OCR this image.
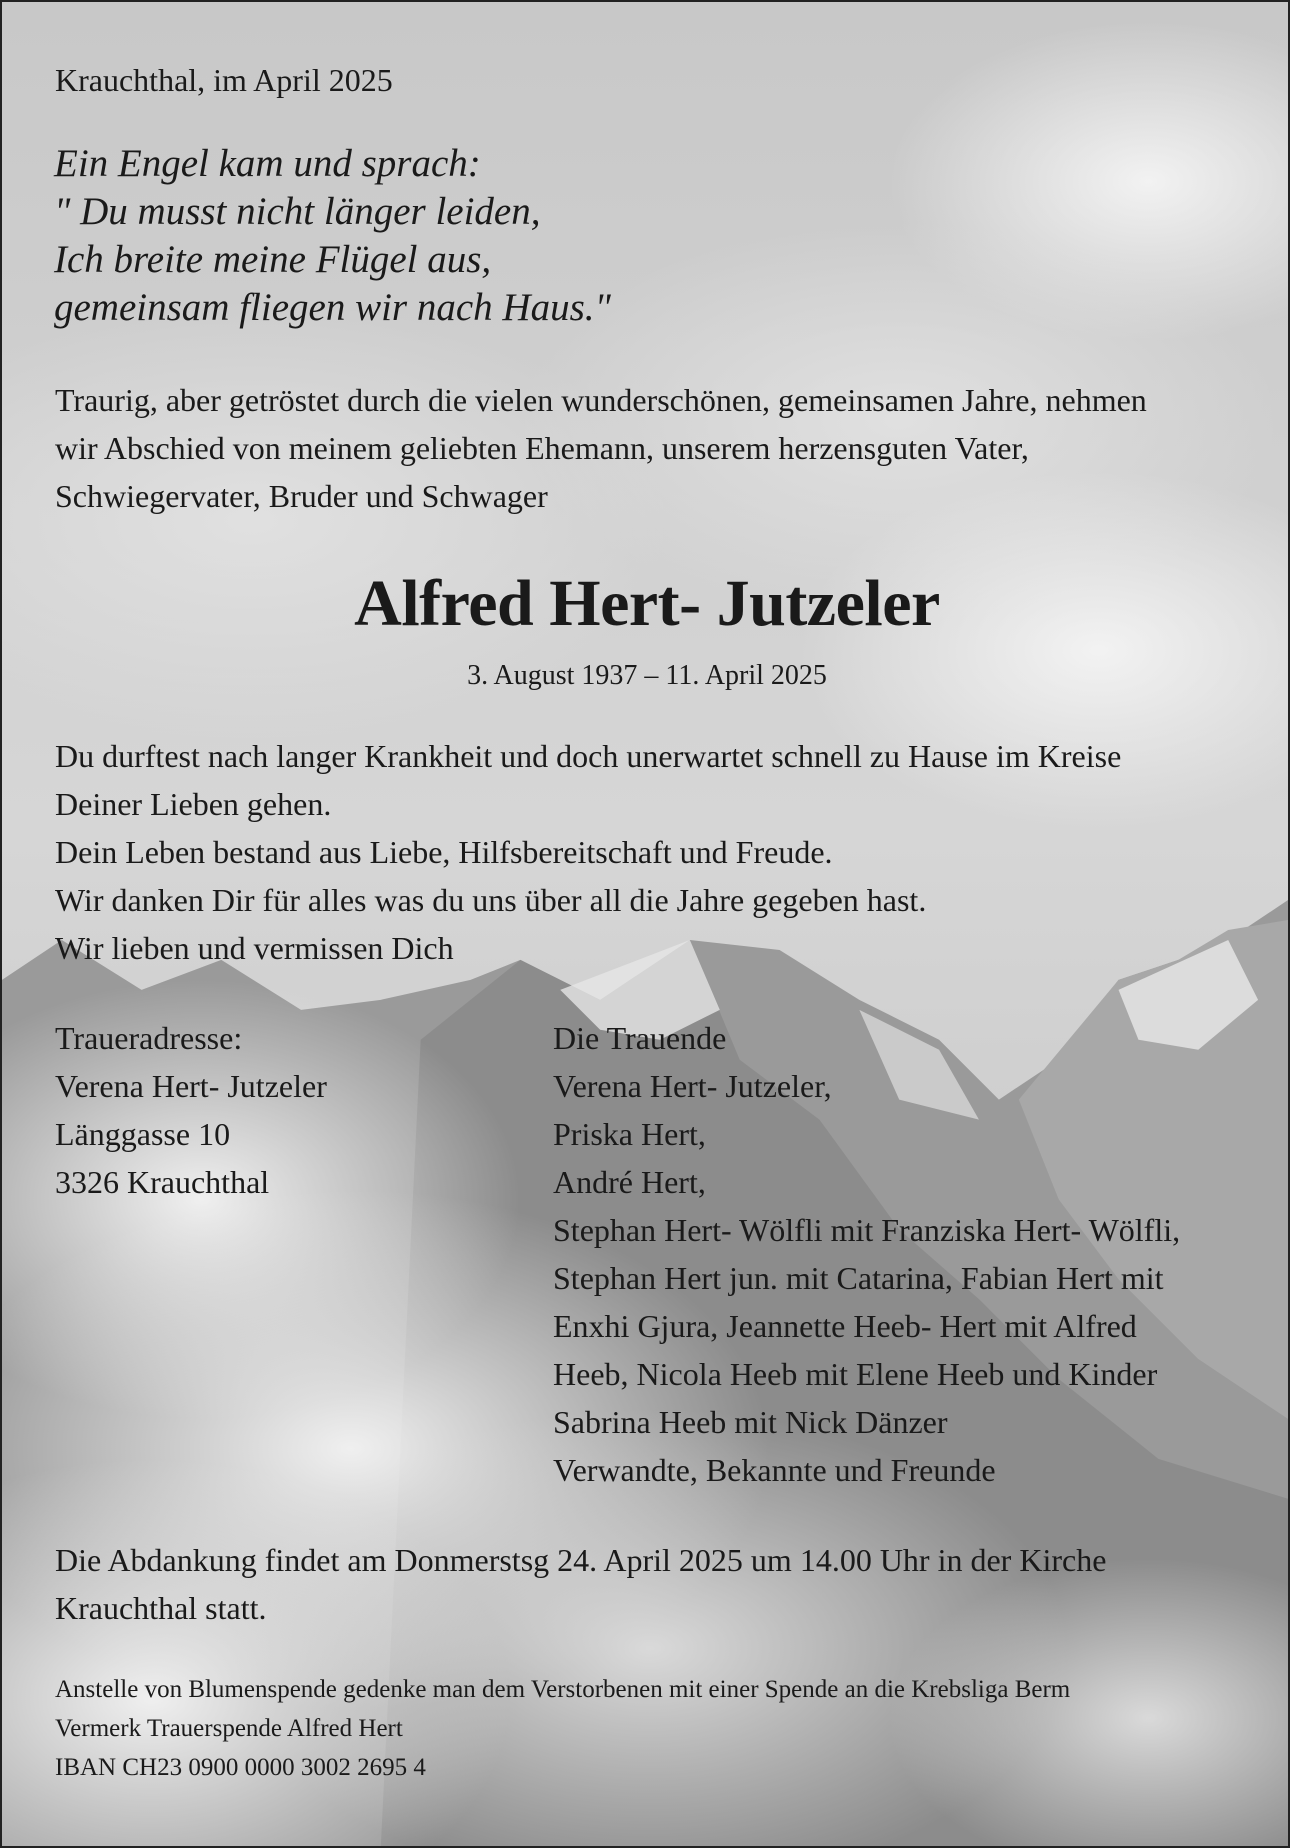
Krauchthal, im April 2025

Ein Engel kam und sprach:
" Du musst nicht länger leiden,
Ich breite meine Flügel aus,
gemeinsam fliegen wir nach Haus."

Traurig, aber getröstet durch die vielen wunderschönen, gemeinsamen Jahre, nehmen
wir Abschied von meinem geliebten Ehemann, unserem herzensguten Vater,
Schwiegervater, Bruder und Schwager

Alfred Hert- Jutzeler

3. August 1937 – 11. April 2025

Du durftest nach langer Krankheit und doch unerwartet schnell zu Hause im Kreise
Deiner Lieben gehen.
Dein Leben bestand aus Liebe, Hilfsbereitschaft und Freude.
Wir danken Dir für alles was du uns über all die Jahre gegeben hast.
Wir lieben und vermissen Dich

Traueradresse:
Verena Hert- Jutzeler
Länggasse 10
3326 Krauchthal

Die Trauende
Verena Hert- Jutzeler,
Priska Hert,
André Hert,
Stephan Hert- Wölfli mit Franziska Hert- Wölfli,
Stephan Hert jun. mit Catarina, Fabian Hert mit
Enxhi Gjura, Jeannette Heeb- Hert mit Alfred
Heeb, Nicola Heeb mit Elene Heeb und Kinder
Sabrina Heeb mit Nick Dänzer
Verwandte, Bekannte und Freunde

Die Abdankung findet am Donmerstsg 24. April 2025 um 14.00 Uhr in der Kirche
Krauchthal statt.

Anstelle von Blumenspende gedenke man dem Verstorbenen mit einer Spende an die Krebsliga Berm
Vermerk Trauerspende Alfred Hert
IBAN CH23 0900 0000 3002 2695 4
